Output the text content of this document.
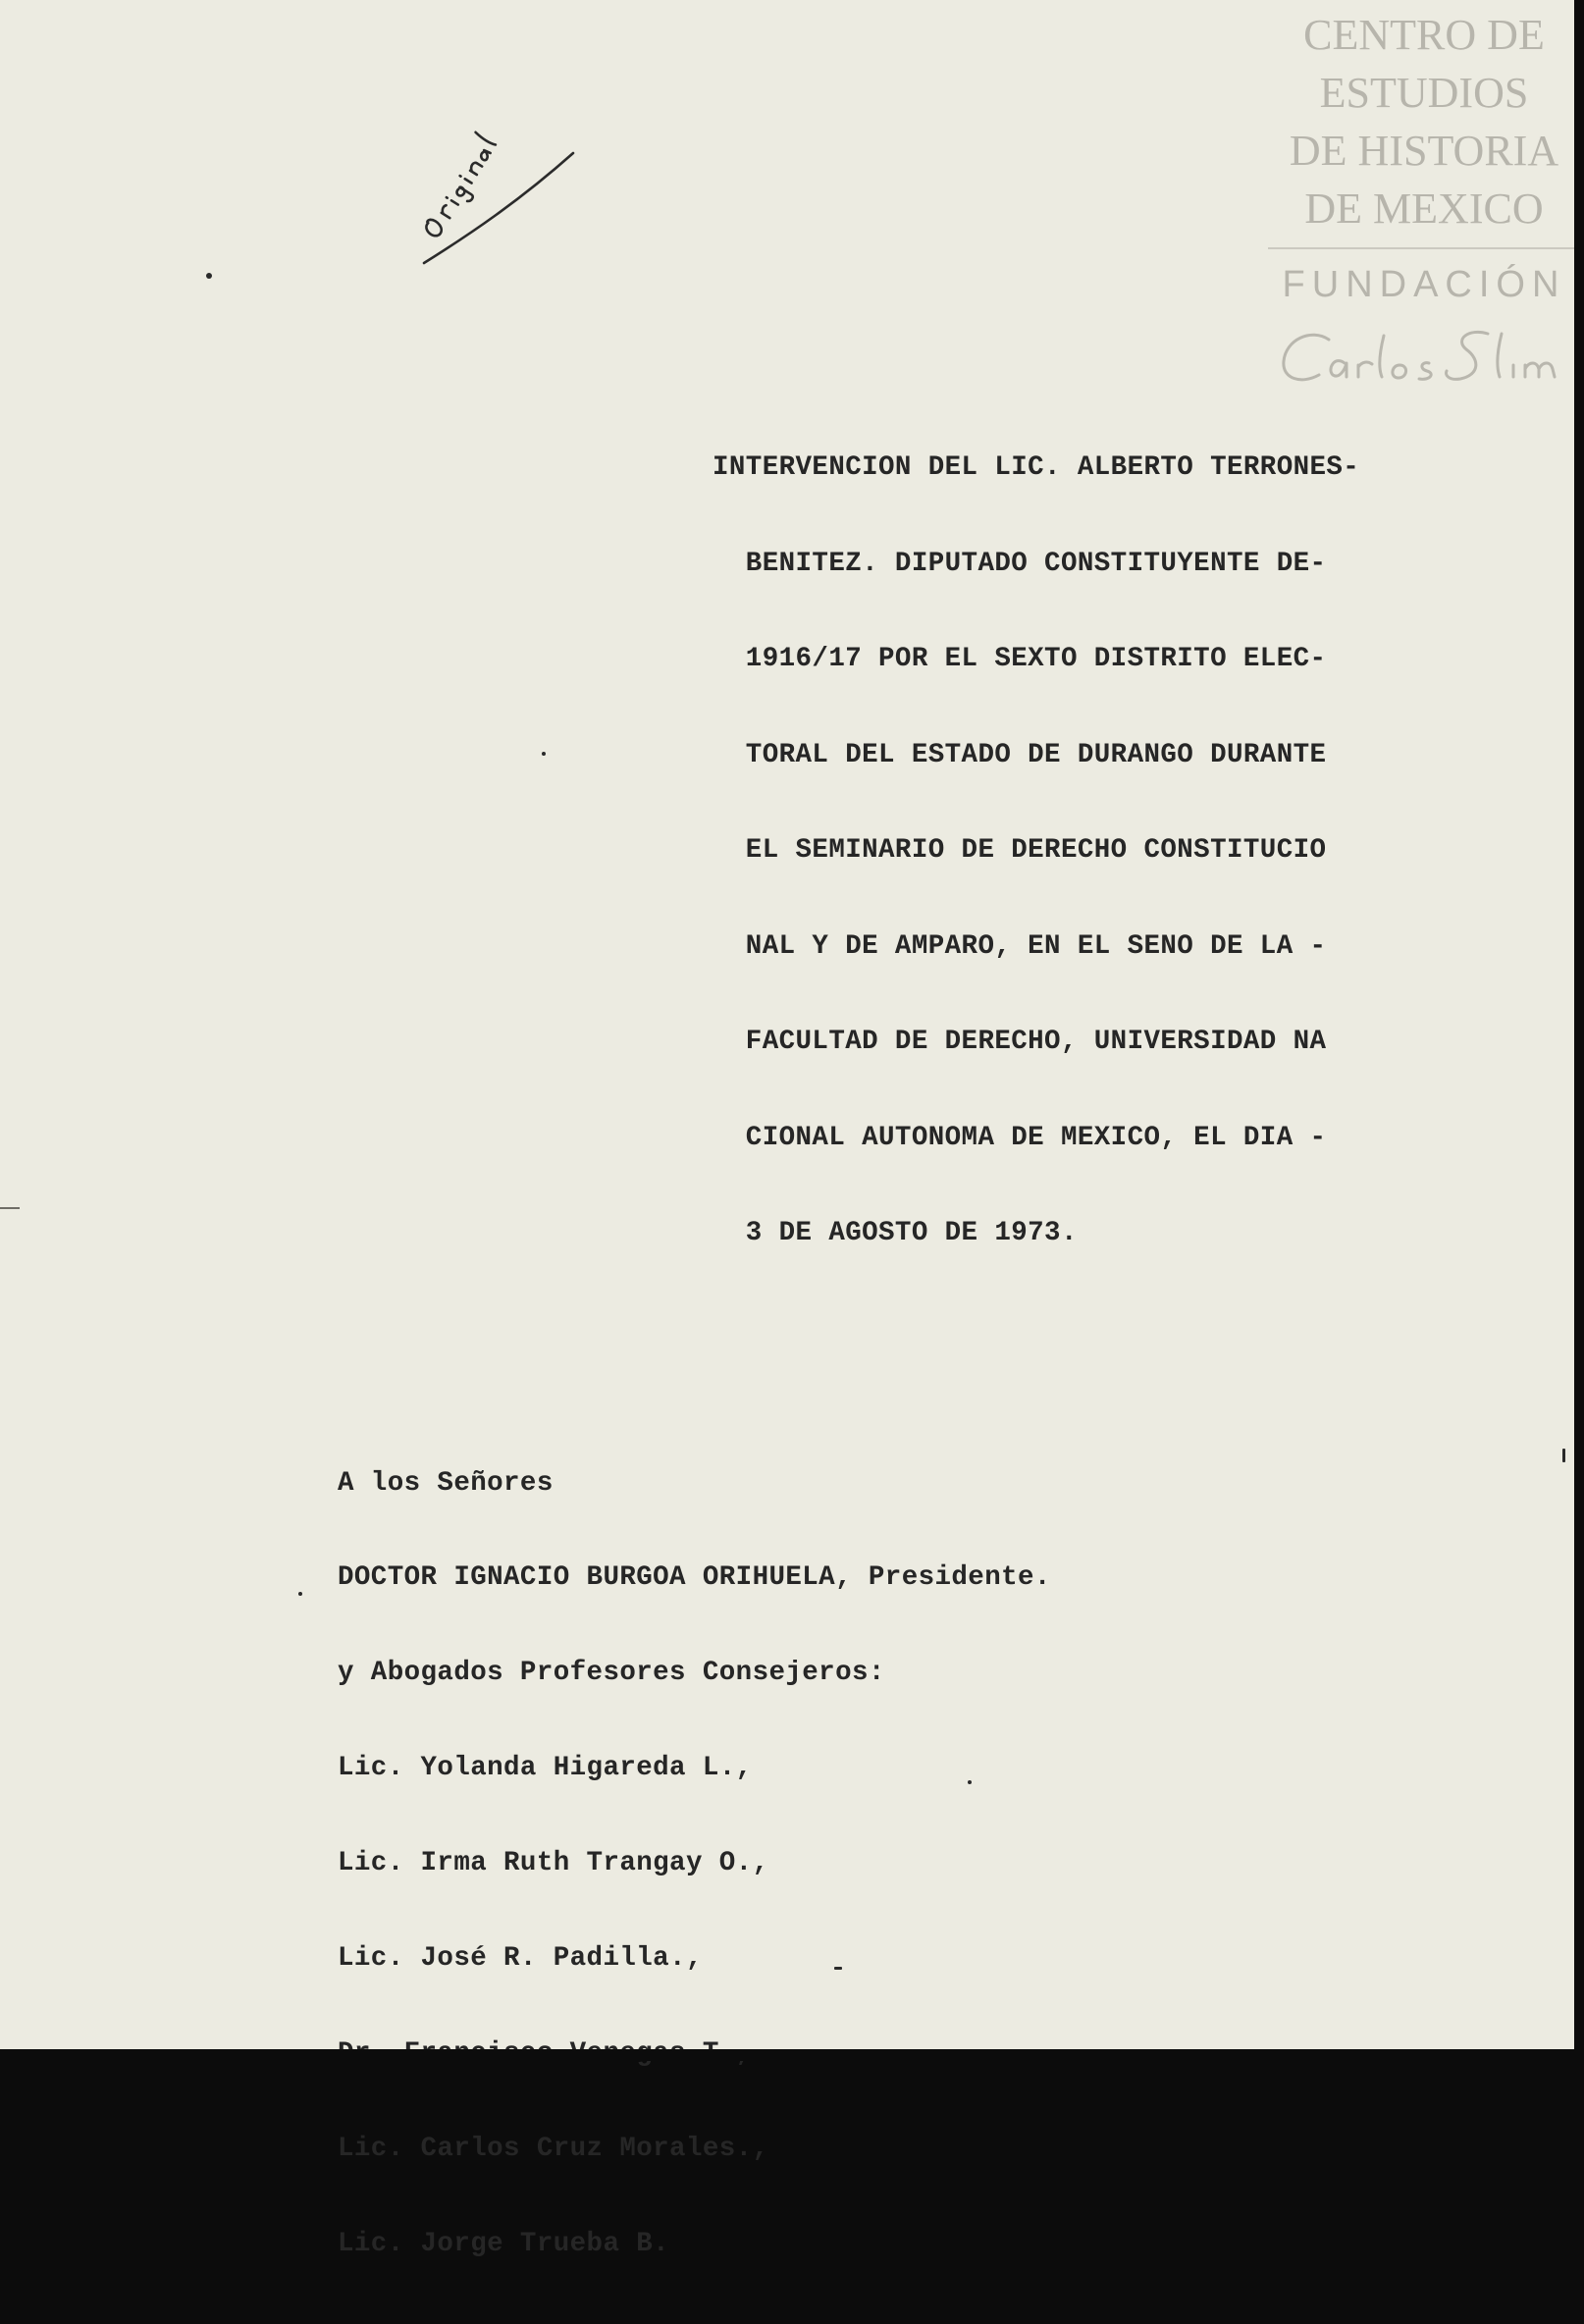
CENTRO DE
ESTUDIOS
DE HISTORIA
DE MEXICO
FUNDACIÓN

INTERVENCION DEL LIC. ALBERTO TERRONES-

BENITEZ. DIPUTADO CONSTITUYENTE DE-

1916/17 POR EL SEXTO DISTRITO ELEC-

TORAL DEL ESTADO DE DURANGO DURANTE

EL SEMINARIO DE DERECHO CONSTITUCIO

NAL Y DE AMPARO, EN EL SENO DE LA -

FACULTAD DE DERECHO, UNIVERSIDAD NA

CIONAL AUTONOMA DE MEXICO, EL DIA -

3 DE AGOSTO DE 1973.

A los Señores

DOCTOR IGNACIO BURGOA ORIHUELA, Presidente.

y Abogados Profesores Consejeros:

Lic. Yolanda Higareda L.,

Lic. Irma Ruth Trangay O.,

Lic. José R. Padilla.,

Lic. Carlos Cruz Morales.,

Lic. Jorge Trueba B.
